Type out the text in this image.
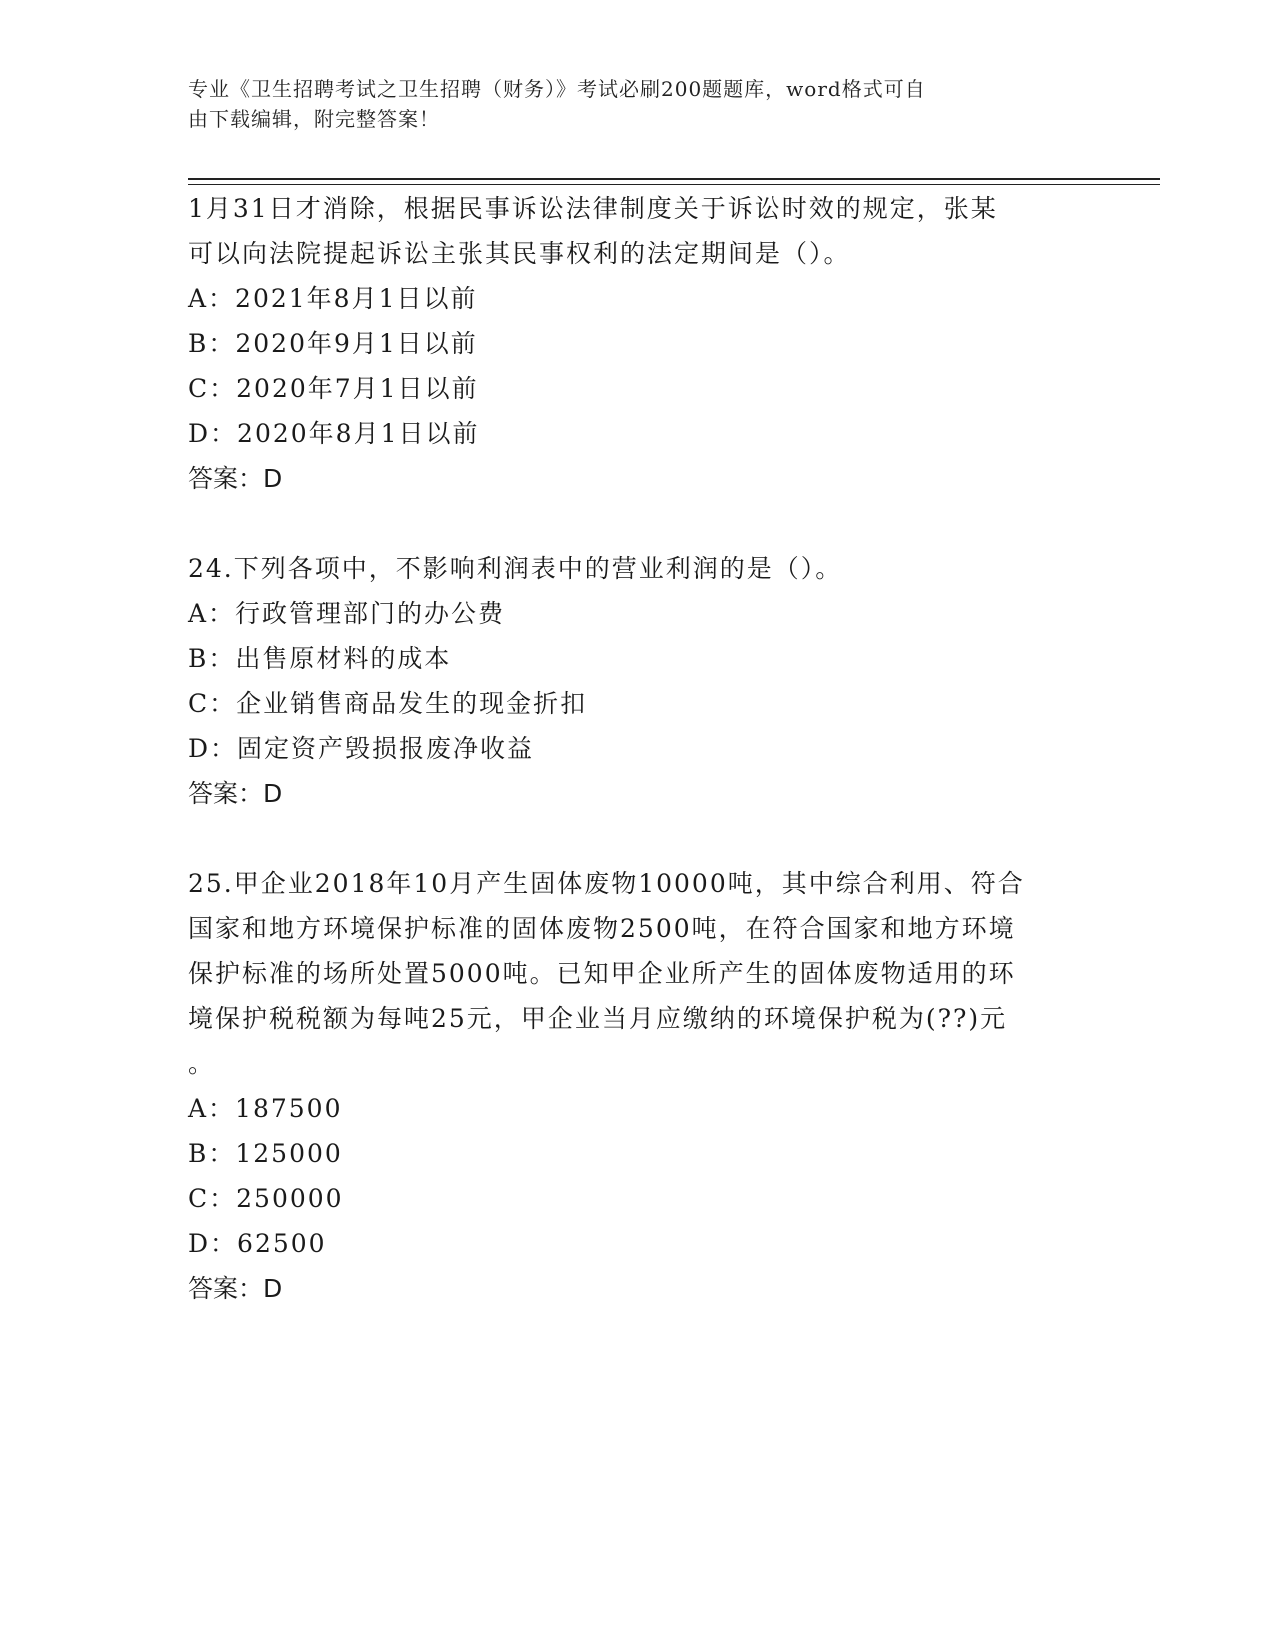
专业《卫生招聘考试之卫生招聘（财务）》考试必刷200题题库，word格式可自
由下载编辑，附完整答案！
1月31日才消除，根据民事诉讼法律制度关于诉讼时效的规定，张某
可以向法院提起诉讼主张其民事权利的法定期间是（）。
A：2021年8月1日以前
B：2020年9月1日以前
C：2020年7月1日以前
D：2020年8月1日以前
答案：D
24.下列各项中，不影响利润表中的营业利润的是（）。
A：行政管理部门的办公费
B：出售原材料的成本
C：企业销售商品发生的现金折扣
D：固定资产毁损报废净收益
答案：D
25.甲企业2018年10月产生固体废物10000吨，其中综合利用、符合
国家和地方环境保护标准的固体废物2500吨，在符合国家和地方环境
保护标准的场所处置5000吨。已知甲企业所产生的固体废物适用的环
境保护税税额为每吨25元，甲企业当月应缴纳的环境保护税为(??)元
。
A：187500
B：125000
C：250000
D：62500
答案：D
